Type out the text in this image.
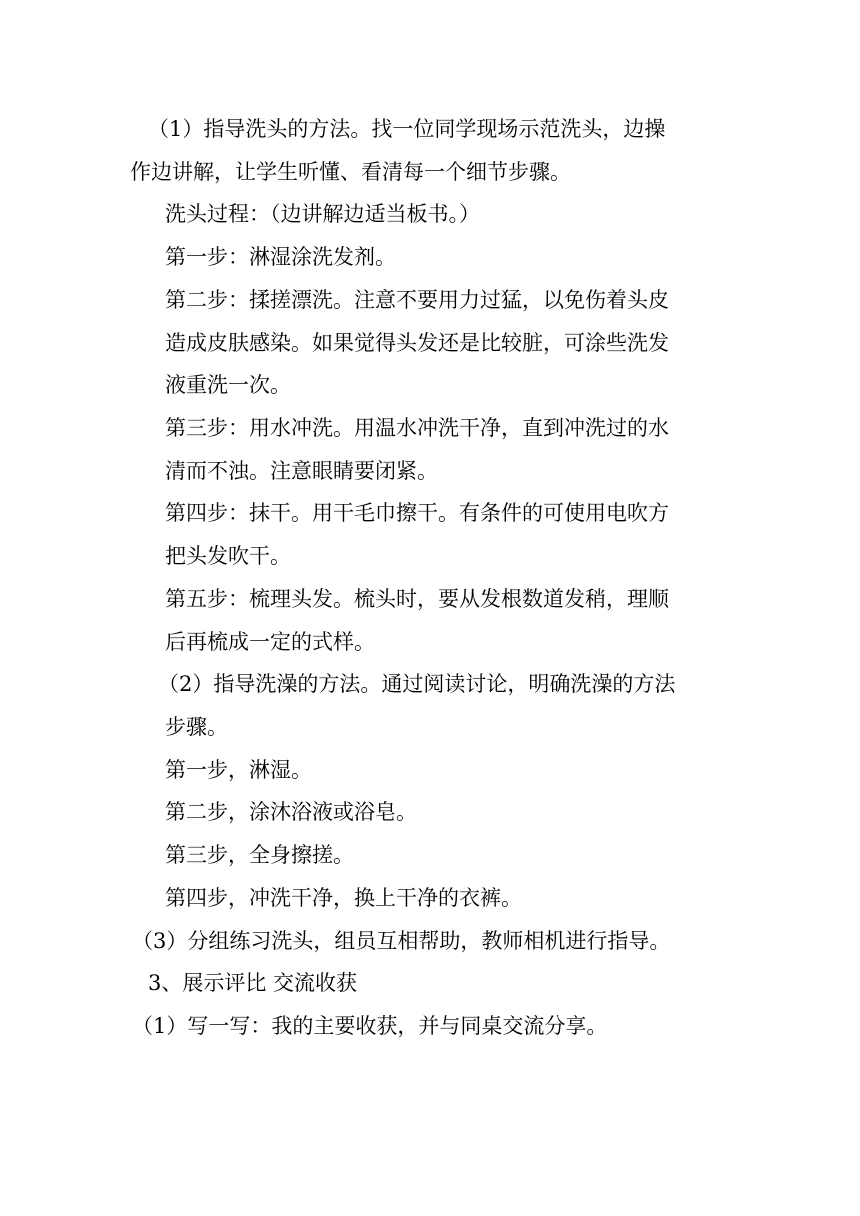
（1）指导洗头的方法。找一位同学现场示范洗头，边操
作边讲解，让学生听懂、看清每一个细节步骤。
洗头过程：（边讲解边适当板书。）
第一步：淋湿涂洗发剂。
第二步：揉搓漂洗。注意不要用力过猛，以免伤着头皮
造成皮肤感染。如果觉得头发还是比较脏，可涂些洗发
液重洗一次。
第三步：用水冲洗。用温水冲洗干净，直到冲洗过的水
清而不浊。注意眼睛要闭紧。
第四步：抹干。用干毛巾擦干。有条件的可使用电吹方
把头发吹干。
第五步：梳理头发。梳头时，要从发根数道发稍，理顺
后再梳成一定的式样。
（2）指导洗澡的方法。通过阅读讨论，明确洗澡的方法
步骤。
第一步，淋湿。
第二步，涂沐浴液或浴皂。
第三步，全身擦搓。
第四步，冲洗干净，换上干净的衣裤。
（3）分组练习洗头，组员互相帮助，教师相机进行指导。
3、展示评比 交流收获
（1）写一写：我的主要收获，并与同桌交流分享。
